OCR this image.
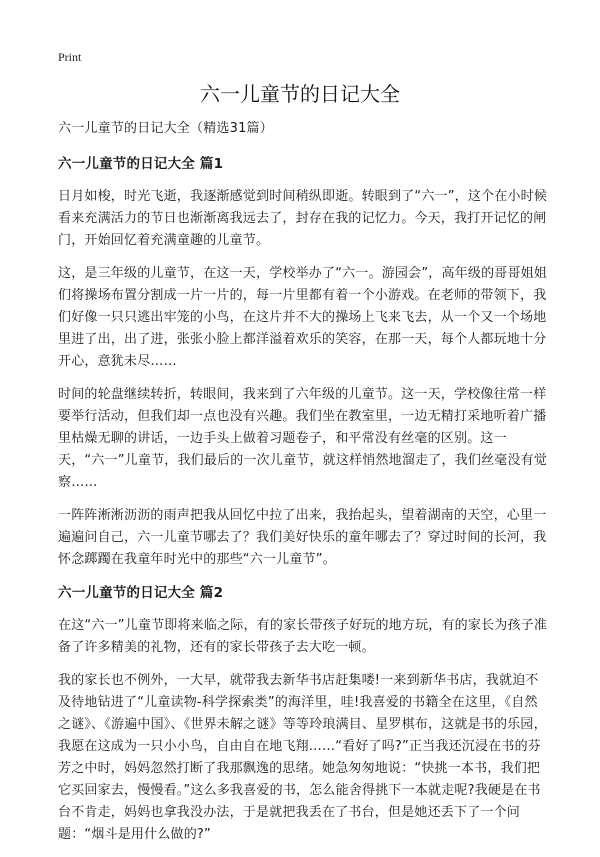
Print
六一儿童节的日记大全

六一儿童节的日记大全（精选31篇）

六一儿童节的日记大全 篇1

日月如梭，时光飞逝，我逐渐感觉到时间稍纵即逝。转眼到了“六一”，这个在小时候看来充满活力的节日也渐渐离我远去了，封存在我的记忆力。今天，我打开记忆的闸门，开始回忆着充满童趣的儿童节。

这，是三年级的儿童节，在这一天，学校举办了“六一。游园会”，高年级的哥哥姐姐们将操场布置分割成一片一片的，每一片里都有着一个小游戏。在老师的带领下，我们好像一只只逃出牢笼的小鸟，在这片并不大的操场上飞来飞去，从一个又一个场地里进了出，出了进，张张小脸上都洋溢着欢乐的笑容，在那一天，每个人都玩地十分开心，意犹未尽……

时间的轮盘继续转折，转眼间，我来到了六年级的儿童节。这一天，学校像往常一样要举行活动，但我们却一点也没有兴趣。我们坐在教室里，一边无精打采地听着广播里枯燥无聊的讲话，一边手头上做着习题卷子，和平常没有丝毫的区别。这一天，“六一”儿童节，我们最后的一次儿童节，就这样悄然地溜走了，我们丝毫没有觉察……

一阵阵淅淅沥沥的雨声把我从回忆中拉了出来，我抬起头，望着湖南的天空，心里一遍遍问自己，六一儿童节哪去了？我们美好快乐的童年哪去了？穿过时间的长河，我怀念踯躅在我童年时光中的那些“六一儿童节”。

六一儿童节的日记大全 篇2

在这“六一”儿童节即将来临之际，有的家长带孩子好玩的地方玩，有的家长为孩子准备了许多精美的礼物，还有的家长带孩子去大吃一顿。

我的家长也不例外，一大早，就带我去新华书店赶集喽!一来到新华书店，我就迫不及待地钻进了“儿童读物-科学探索类”的海洋里，哇!我喜爱的书籍全在这里，《自然之谜》、《游遍中国》、《世界未解之谜》等等玲琅满目、星罗棋布，这就是书的乐园，我愿在这成为一只小小鸟，自由自在地飞翔……“看好了吗?”正当我还沉浸在书的芬芳之中时，妈妈忽然打断了我那飘逸的思绪。她急匆匆地说：“快挑一本书，我们把它买回家去，慢慢看。”这么多我喜爱的书，怎么能舍得挑下一本就走呢?我硬是在书台不肯走，妈妈也拿我没办法，于是就把我丢在了书台，但是她还丢下了一个问题：“烟斗是用什么做的?”
